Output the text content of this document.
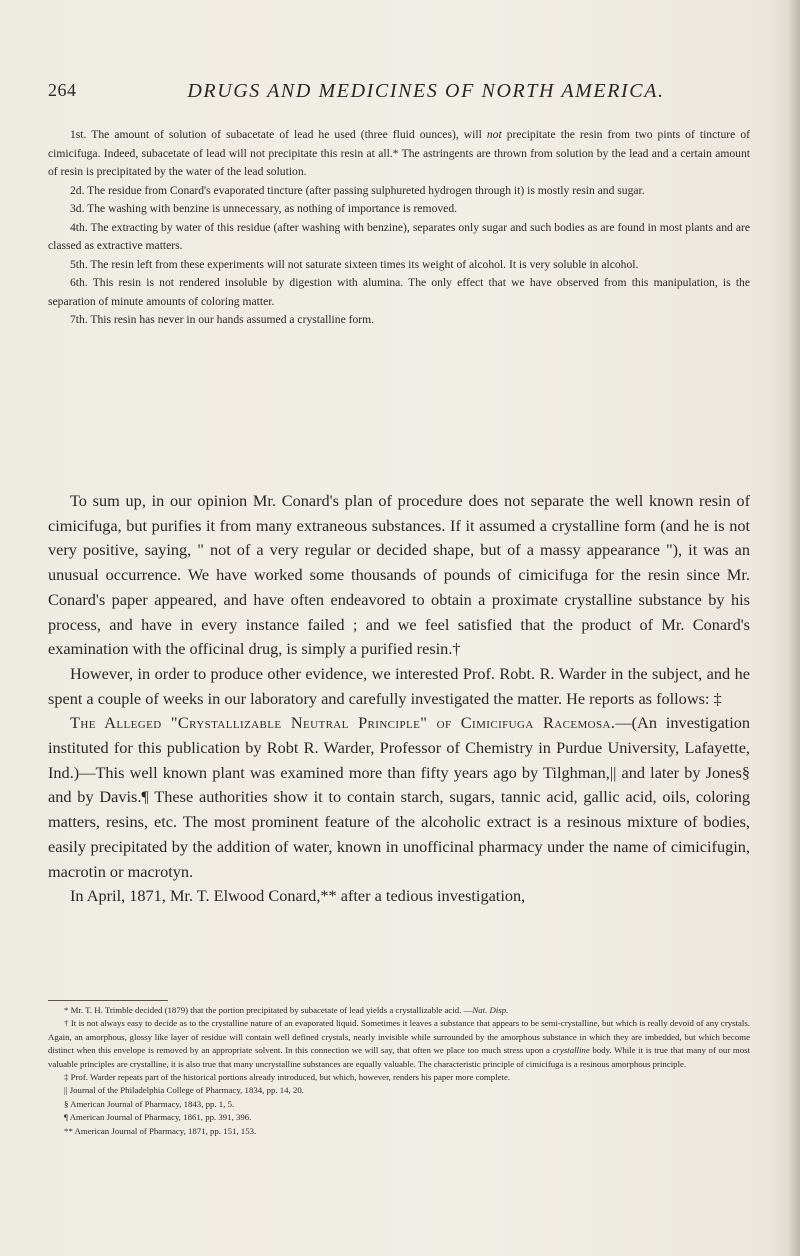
264	DRUGS AND MEDICINES OF NORTH AMERICA.

1st. The amount of solution of subacetate of lead he used (three fluid ounces), will not precipitate the resin from two pints of tincture of cimicifuga. Indeed, subacetate of lead will not precipitate this resin at all.* The astringents are thrown from solution by the lead and a certain amount of resin is precipitated by the water of the lead solution.

2d. The residue from Conard's evaporated tincture (after passing sulphureted hydrogen through it) is mostly resin and sugar.

3d. The washing with benzine is unnecessary, as nothing of importance is removed.

4th. The extracting by water of this residue (after washing with benzine), separates only sugar and such bodies as are found in most plants and are classed as extractive matters.

5th. The resin left from these experiments will not saturate sixteen times its weight of alcohol. It is very soluble in alcohol.

6th. This resin is not rendered insoluble by digestion with alumina. The only effect that we have observed from this manipulation, is the separation of minute amounts of coloring matter.

7th. This resin has never in our hands assumed a crystalline form.

To sum up, in our opinion Mr. Conard's plan of procedure does not separate the well known resin of cimicifuga, but purifies it from many extraneous substances. If it assumed a crystalline form (and he is not very positive, saying, " not of a very regular or decided shape, but of a massy appearance "), it was an unusual occurrence. We have worked some thousands of pounds of cimicifuga for the resin since Mr. Conard's paper appeared, and have often endeavored to obtain a proximate crystalline substance by his process, and have in every instance failed ; and we feel satisfied that the product of Mr. Conard's examination with the officinal drug, is simply a purified resin.†

However, in order to produce other evidence, we interested Prof. Robt. R. Warder in the subject, and he spent a couple of weeks in our laboratory and carefully investigated the matter. He reports as follows: ‡

The Alleged "Crystallizable Neutral Principle" of Cimicifuga Racemosa.—(An investigation instituted for this publication by Robt R. Warder, Professor of Chemistry in Purdue University, Lafayette, Ind.)—This well known plant was examined more than fifty years ago by Tilghman,|| and later by Jones§ and by Davis.¶ These authorities show it to contain starch, sugars, tannic acid, gallic acid, oils, coloring matters, resins, etc. The most prominent feature of the alcoholic extract is a resinous mixture of bodies, easily precipitated by the addition of water, known in unofficinal pharmacy under the name of cimicifugin, macrotin or macrotyn.

In April, 1871, Mr. T. Elwood Conard,** after a tedious investigation,

* Mr. T. H. Trimble decided (1879) that the portion precipitated by subacetate of lead yields a crystallizable acid. —Nat. Disp.

† It is not always easy to decide as to the crystalline nature of an evaporated liquid. Sometimes it leaves a substance that appears to be semi-crystalline, but which is really devoid of any crystals. Again, an amorphous, glossy like layer of residue will contain well defined crystals, nearly invisible while surrounded by the amorphous substance in which they are imbedded, but which become distinct when this envelope is removed by an appropriate solvent. In this connection we will say, that often we place too much stress upon a crystalline body. While it is true that many of our most valuable principles are crystalline, it is also true that many uncrystalline substances are equally valuable. The characteristic principle of cimicifuga is a resinous amorphous principle.

‡ Prof. Warder repeats part of the historical portions already introduced, but which, however, renders his paper more complete.

|| Journal of the Philadelphia College of Pharmacy, 1834, pp. 14, 20.

§ American Journal of Pharmacy, 1843, pp. 1, 5.

¶ American Journal of Pharmacy, 1861, pp. 391, 396.

** American Journal of Pharmacy, 1871, pp. 151, 153.
